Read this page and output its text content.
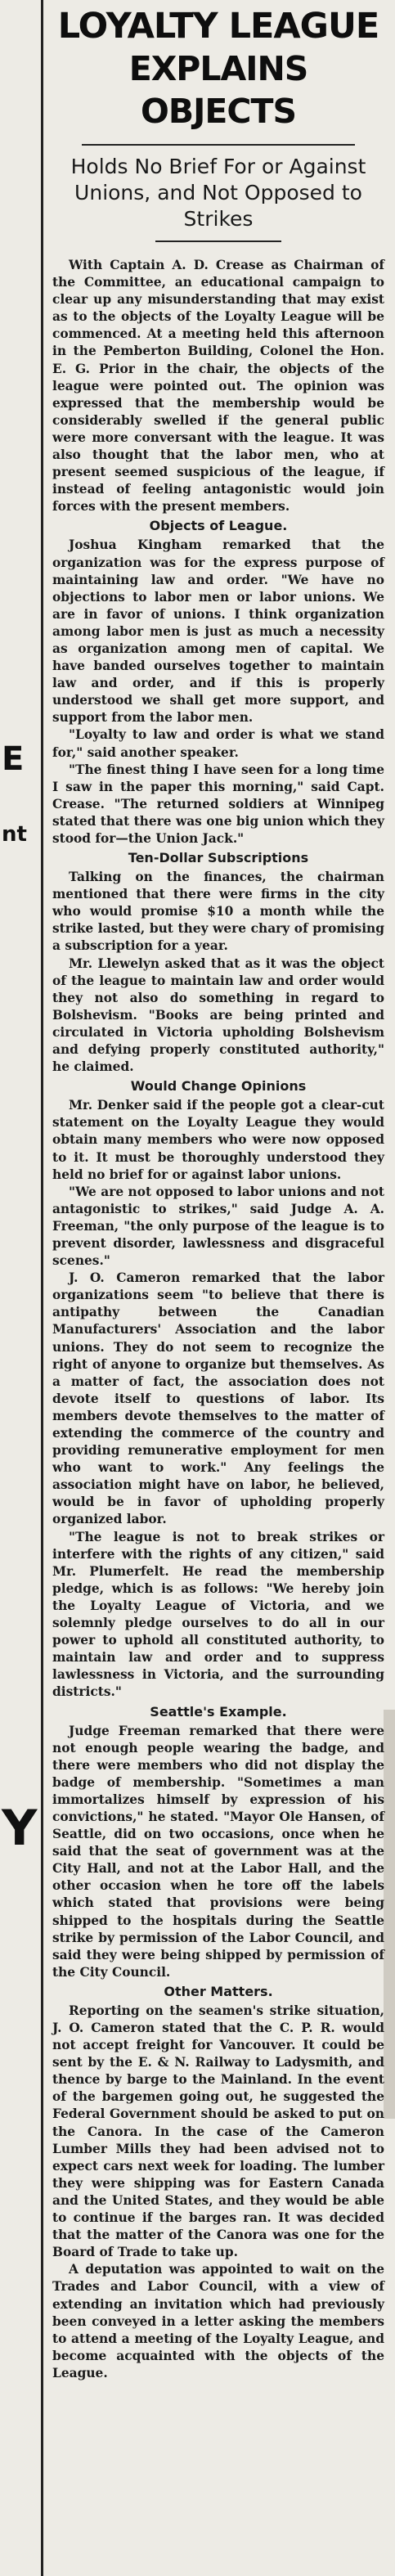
E
nt
Y
LOYALTY LEAGUE
EXPLAINS OBJECTS
Holds No Brief For or Against Unions, and Not Opposed to Strikes
With Captain A. D. Crease as Chairman of the Committee, an educational campaign to clear up any misunderstanding that may exist as to the objects of the Loyalty League will be commenced. At a meeting held this afternoon in the Pemberton Building, Colonel the Hon. E. G. Prior in the chair, the objects of the league were pointed out. The opinion was expressed that the membership would be considerably swelled if the general public were more conversant with the league. It was also thought that the labor men, who at present seemed suspicious of the league, if instead of feeling antagonistic would join forces with the present members.
Objects of League.
Joshua Kingham remarked that the organization was for the express purpose of maintaining law and order. "We have no objections to labor men or labor unions. We are in favor of unions. I think organization among labor men is just as much a necessity as organization among men of capital. We have banded ourselves together to maintain law and order, and if this is properly understood we shall get more support, and support from the labor men.
"Loyalty to law and order is what we stand for," said another speaker.
"The finest thing I have seen for a long time I saw in the paper this morning," said Capt. Crease. "The returned soldiers at Winnipeg stated that there was one big union which they stood for—the Union Jack."
Ten-Dollar Subscriptions
Talking on the finances, the chairman mentioned that there were firms in the city who would promise $10 a month while the strike lasted, but they were chary of promising a subscription for a year.
Mr. Llewelyn asked that as it was the object of the league to maintain law and order would they not also do something in regard to Bolshevism. "Books are being printed and circulated in Victoria upholding Bolshevism and defying properly constituted authority," he claimed.
Would Change Opinions
Mr. Denker said if the people got a clear-cut statement on the Loyalty League they would obtain many members who were now opposed to it. It must be thoroughly understood they held no brief for or against labor unions.
"We are not opposed to labor unions and not antagonistic to strikes," said Judge A. A. Freeman, "the only purpose of the league is to prevent disorder, lawlessness and disgraceful scenes."
J. O. Cameron remarked that the labor organizations seem "to believe that there is antipathy between the Canadian Manufacturers' Association and the labor unions. They do not seem to recognize the right of anyone to organize but themselves. As a matter of fact, the association does not devote itself to questions of labor. Its members devote themselves to the matter of extending the commerce of the country and providing remunerative employment for men who want to work." Any feelings the association might have on labor, he believed, would be in favor of upholding properly organized labor.
"The league is not to break strikes or interfere with the rights of any citizen," said Mr. Plumerfelt. He read the membership pledge, which is as follows: "We hereby join the Loyalty League of Victoria, and we solemnly pledge ourselves to do all in our power to uphold all constituted authority, to maintain law and order and to suppress lawlessness in Victoria, and the surrounding districts."
Seattle's Example.
Judge Freeman remarked that there were not enough people wearing the badge, and there were members who did not display the badge of membership. "Sometimes a man immortalizes himself by expression of his convictions," he stated. "Mayor Ole Hansen, of Seattle, did on two occasions, once when he said that the seat of government was at the City Hall, and not at the Labor Hall, and the other occasion when he tore off the labels which stated that provisions were being shipped to the hospitals during the Seattle strike by permission of the Labor Council, and said they were being shipped by permission of the City Council.
Other Matters.
Reporting on the seamen's strike situation, J. O. Cameron stated that the C. P. R. would not accept freight for Vancouver. It could be sent by the E. & N. Railway to Ladysmith, and thence by barge to the Mainland. In the event of the bargemen going out, he suggested the Federal Government should be asked to put on the Canora. In the case of the Cameron Lumber Mills they had been advised not to expect cars next week for loading. The lumber they were shipping was for Eastern Canada and the United States, and they would be able to continue if the barges ran. It was decided that the matter of the Canora was one for the Board of Trade to take up.
A deputation was appointed to wait on the Trades and Labor Council, with a view of extending an invitation which had previously been conveyed in a letter asking the members to attend a meeting of the Loyalty League, and become acquainted with the objects of the League.
